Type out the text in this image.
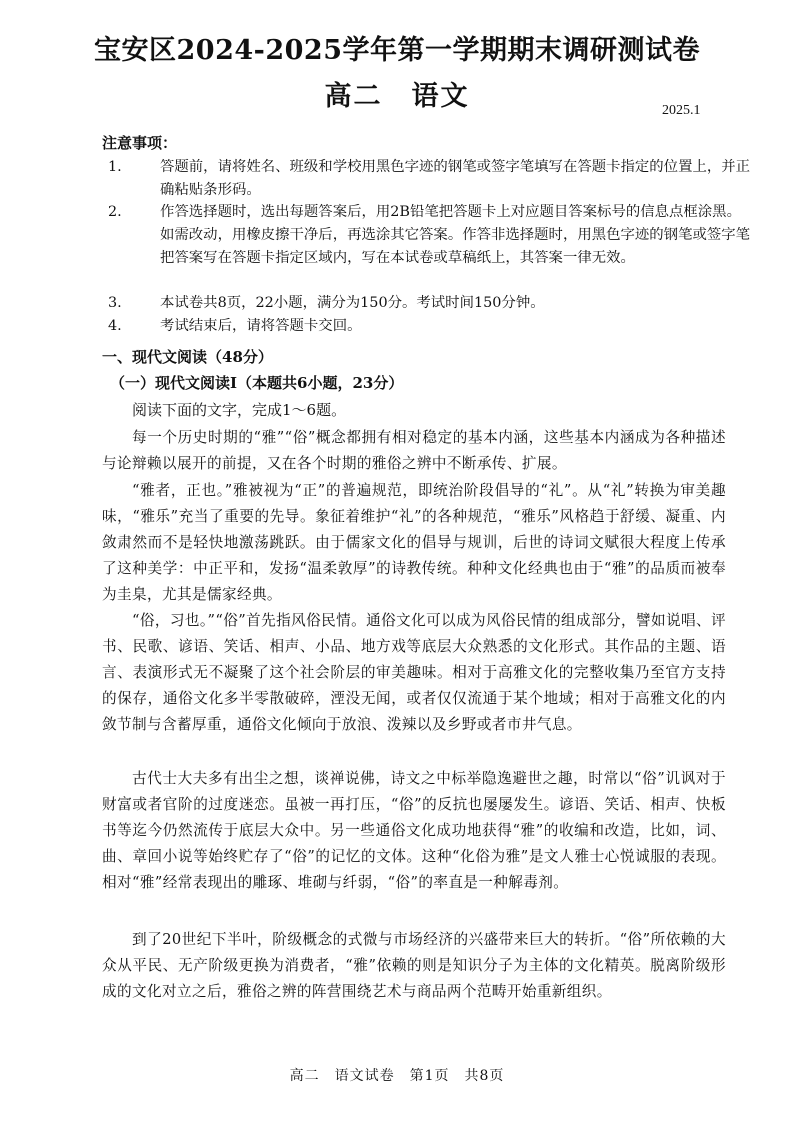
宝安区2024-2025学年第一学期期末调研测试卷
高二　语文	2025.1
注意事项：
1.	答题前，请将姓名、班级和学校用黑色字迹的钢笔或签字笔填写在答题卡指定的位置上，并正确粘贴条形码。
2.	作答选择题时，选出每题答案后，用2B铅笔把答题卡上对应题目答案标号的信息点框涂黑。如需改动，用橡皮擦干净后，再选涂其它答案。作答非选择题时，用黑色字迹的钢笔或签字笔把答案写在答题卡指定区域内，写在本试卷或草稿纸上，其答案一律无效。
3.	本试卷共8页，22小题，满分为150分。考试时间150分钟。
4.	考试结束后，请将答题卡交回。
一、现代文阅读（48分）
（一）现代文阅读Ⅰ（本题共6小题，23分）
阅读下面的文字，完成1～6题。
每一个历史时期的“雅”“俗”概念都拥有相对稳定的基本内涵，这些基本内涵成为各种描述与论辩赖以展开的前提，又在各个时期的雅俗之辨中不断承传、扩展。
“雅者，正也。”雅被视为“正”的普遍规范，即统治阶段倡导的“礼”。从“礼”转换为审美趣味，“雅乐”充当了重要的先导。象征着维护“礼”的各种规范，“雅乐”风格趋于舒缓、凝重、内敛肃然而不是轻快地激荡跳跃。由于儒家文化的倡导与规训，后世的诗词文赋很大程度上传承了这种美学：中正平和，发扬“温柔敦厚”的诗教传统。种种文化经典也由于“雅”的品质而被奉为圭臬，尤其是儒家经典。
“俗，习也。”“俗”首先指风俗民情。通俗文化可以成为风俗民情的组成部分，譬如说唱、评书、民歌、谚语、笑话、相声、小品、地方戏等底层大众熟悉的文化形式。其作品的主题、语言、表演形式无不凝聚了这个社会阶层的审美趣味。相对于高雅文化的完整收集乃至官方支持的保存，通俗文化多半零散破碎，湮没无闻，或者仅仅流通于某个地域；相对于高雅文化的内敛节制与含蓄厚重，通俗文化倾向于放浪、泼辣以及乡野或者市井气息。
古代士大夫多有出尘之想，谈禅说佛，诗文之中标举隐逸避世之趣，时常以“俗”讥讽对于财富或者官阶的过度迷恋。虽被一再打压，“俗”的反抗也屡屡发生。谚语、笑话、相声、快板书等迄今仍然流传于底层大众中。另一些通俗文化成功地获得“雅”的收编和改造，比如，词、曲、章回小说等始终贮存了“俗”的记忆的文体。这种“化俗为雅”是文人雅士心悦诚服的表现。相对“雅”经常表现出的雕琢、堆砌与纤弱，“俗”的率直是一种解毒剂。
到了20世纪下半叶，阶级概念的式微与市场经济的兴盛带来巨大的转折。“俗”所依赖的大众从平民、无产阶级更换为消费者，“雅”依赖的则是知识分子为主体的文化精英。脱离阶级形成的文化对立之后，雅俗之辨的阵营围绕艺术与商品两个范畴开始重新组织。
高二　语文试卷　第1页　共8页
